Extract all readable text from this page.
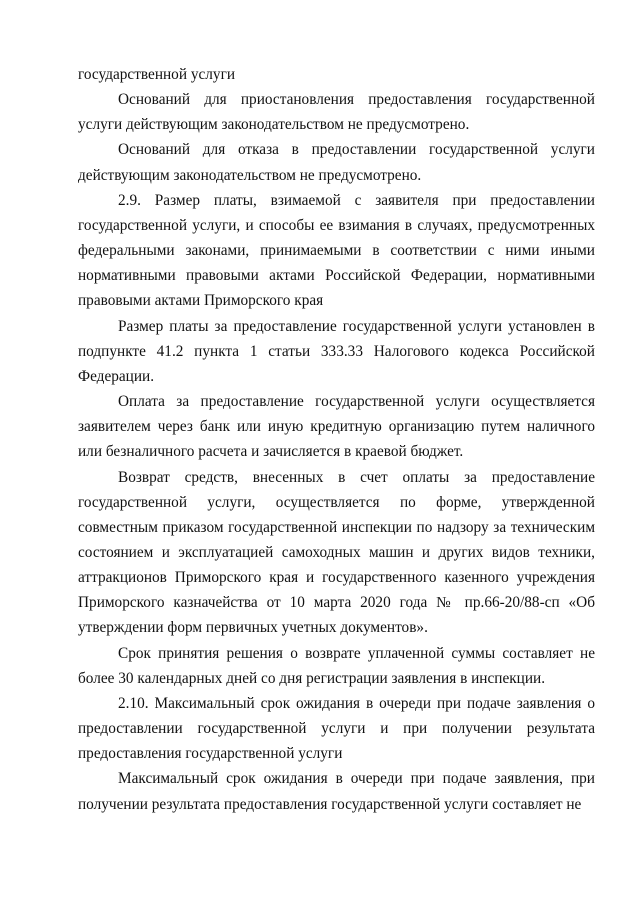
государственной услуги

Оснований для приостановления предоставления государственной услуги действующим законодательством не предусмотрено.

Оснований для отказа в предоставлении государственной услуги действующим законодательством не предусмотрено.

2.9. Размер платы, взимаемой с заявителя при предоставлении государственной услуги, и способы ее взимания в случаях, предусмотренных федеральными законами, принимаемыми в соответствии с ними иными нормативными правовыми актами Российской Федерации, нормативными правовыми актами Приморского края

Размер платы за предоставление государственной услуги установлен в подпункте 41.2 пункта 1 статьи 333.33 Налогового кодекса Российской Федерации.

Оплата за предоставление государственной услуги осуществляется заявителем через банк или иную кредитную организацию путем наличного или безналичного расчета и зачисляется в краевой бюджет.

Возврат средств, внесенных в счет оплаты за предоставление государственной услуги, осуществляется по форме, утвержденной совместным приказом государственной инспекции по надзору за техническим состоянием и эксплуатацией самоходных машин и других видов техники, аттракционов Приморского края и государственного казенного учреждения Приморского казначейства от 10 марта 2020 года № пр.66-20/88-сп «Об утверждении форм первичных учетных документов».

Срок принятия решения о возврате уплаченной суммы составляет не более 30 календарных дней со дня регистрации заявления в инспекции.

2.10. Максимальный срок ожидания в очереди при подаче заявления о предоставлении государственной услуги и при получении результата предоставления государственной услуги

Максимальный срок ожидания в очереди при подаче заявления, при получении результата предоставления государственной услуги составляет не
